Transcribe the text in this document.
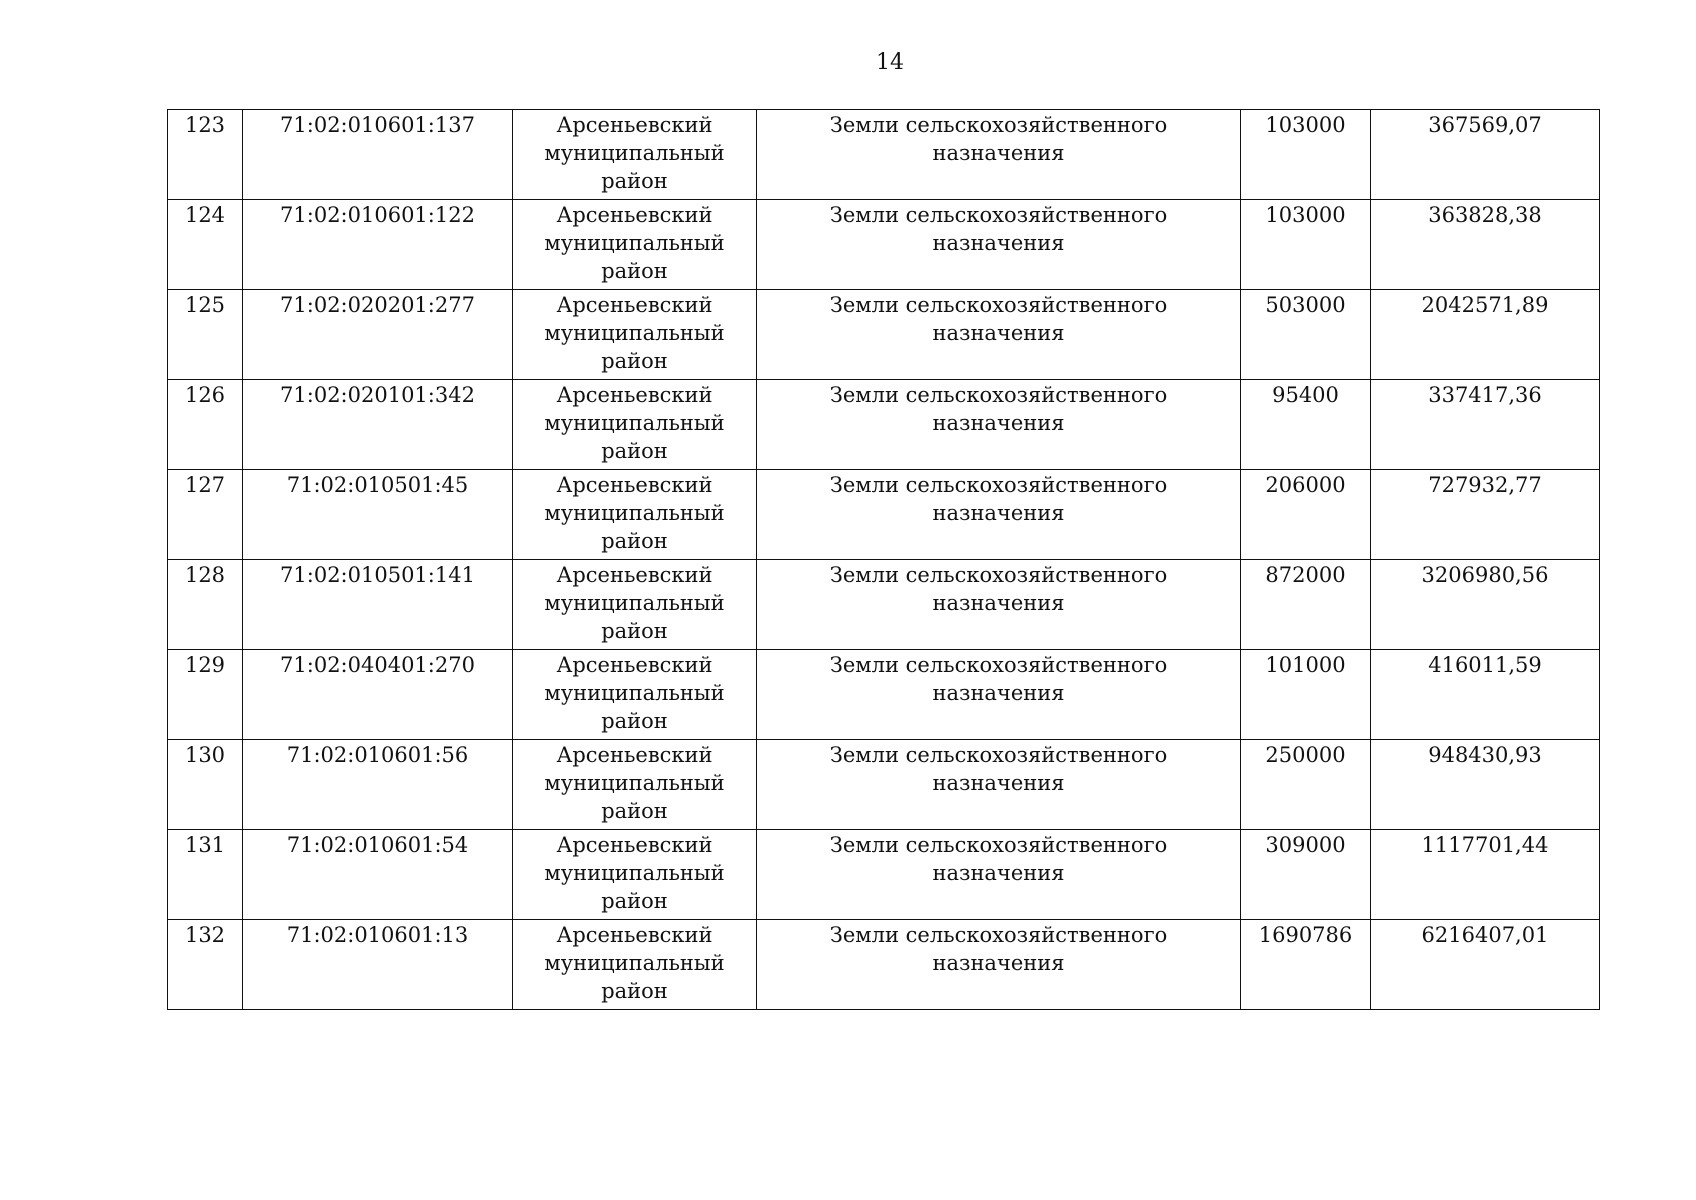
14
123	71:02:010601:137	Арсеньевский
муниципальный
район	Земли сельскохозяйственного назначения	103000	367569,07
124	71:02:010601:122	Арсеньевский
муниципальный
район	Земли сельскохозяйственного назначения	103000	363828,38
125	71:02:020201:277	Арсеньевский
муниципальный
район	Земли сельскохозяйственного назначения	503000	2042571,89
126	71:02:020101:342	Арсеньевский
муниципальный
район	Земли сельскохозяйственного назначения	95400	337417,36
127	71:02:010501:45	Арсеньевский
муниципальный
район	Земли сельскохозяйственного назначения	206000	727932,77
128	71:02:010501:141	Арсеньевский
муниципальный
район	Земли сельскохозяйственного назначения	872000	3206980,56
129	71:02:040401:270	Арсеньевский
муниципальный
район	Земли сельскохозяйственного назначения	101000	416011,59
130	71:02:010601:56	Арсеньевский
муниципальный
район	Земли сельскохозяйственного назначения	250000	948430,93
131	71:02:010601:54	Арсеньевский
муниципальный
район	Земли сельскохозяйственного назначения	309000	1117701,44
132	71:02:010601:13	Арсеньевский
муниципальный
район	Земли сельскохозяйственного назначения	1690786	6216407,01
